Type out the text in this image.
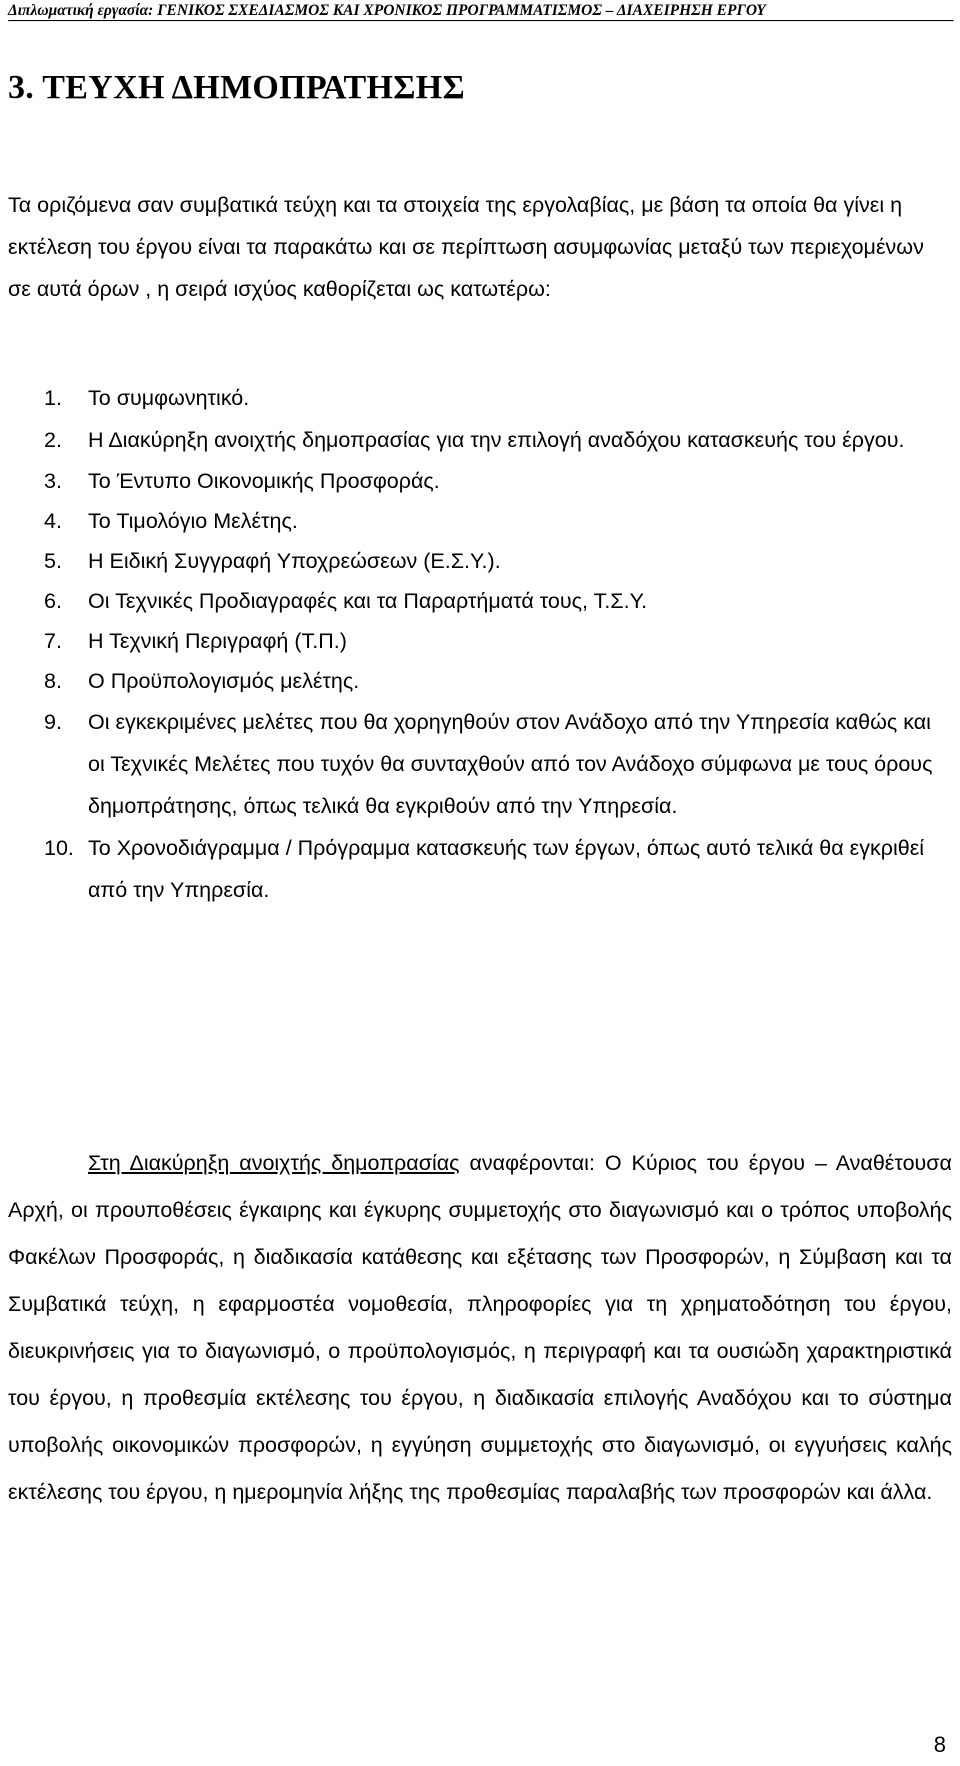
Διπλωματική εργασία: ΓΕΝΙΚΟΣ ΣΧΕΔΙΑΣΜΟΣ ΚΑΙ ΧΡΟΝΙΚΟΣ ΠΡΟΓΡΑΜΜΑΤΙΣΜΟΣ – ΔΙΑΧΕΙΡΗΣΗ ΕΡΓΟΥ
3. ΤΕΥΧΗ ΔΗΜΟΠΡΑΤΗΣΗΣ

Τα οριζόμενα σαν συμβατικά τεύχη και τα στοιχεία της εργολαβίας, με βάση τα οποία θα γίνει η εκτέλεση του έργου είναι τα παρακάτω και σε περίπτωση ασυμφωνίας μεταξύ των περιεχομένων σε αυτά όρων , η σειρά ισχύος καθορίζεται ως κατωτέρω:

1. Το συμφωνητικό.
2. Η Διακύρηξη ανοιχτής δημοπρασίας για την επιλογή αναδόχου κατασκευής του έργου.
3. Το Έντυπο Οικονομικής Προσφοράς.
4. Το Τιμολόγιο Μελέτης.
5. Η Ειδική Συγγραφή Υποχρεώσεων (Ε.Σ.Υ.).
6. Οι Τεχνικές Προδιαγραφές και τα Παραρτήματά τους, Τ.Σ.Υ.
7. Η Τεχνική Περιγραφή (Τ.Π.)
8. Ο Προϋπολογισμός μελέτης.
9. Οι εγκεκριμένες μελέτες που θα χορηγηθούν στον Ανάδοχο από την Υπηρεσία καθώς και οι Τεχνικές Μελέτες που τυχόν θα συνταχθούν από τον Ανάδοχο σύμφωνα με τους όρους δημοπράτησης, όπως τελικά θα εγκριθούν από την Υπηρεσία.
10. Το Χρονοδιάγραμμα / Πρόγραμμα κατασκευής των έργων, όπως αυτό τελικά θα εγκριθεί από την Υπηρεσία.

Στη Διακύρηξη ανοιχτής δημοπρασίας αναφέρονται: Ο Κύριος του έργου – Αναθέτουσα Αρχή, οι προυποθέσεις έγκαιρης και έγκυρης συμμετοχής στο διαγωνισμό και ο τρόπος υποβολής Φακέλων Προσφοράς, η διαδικασία κατάθεσης και εξέτασης των Προσφορών, η Σύμβαση και τα Συμβατικά τεύχη, η εφαρμοστέα νομοθεσία, πληροφορίες για τη χρηματοδότηση του έργου, διευκρινήσεις για το διαγωνισμό, ο προϋπολογισμός, η περιγραφή και τα ουσιώδη χαρακτηριστικά του έργου, η προθεσμία εκτέλεσης του έργου, η διαδικασία επιλογής Αναδόχου και το σύστημα υποβολής οικονομικών προσφορών, η εγγύηση συμμετοχής στο διαγωνισμό, οι εγγυήσεις καλής εκτέλεσης του έργου, η ημερομηνία λήξης της προθεσμίας παραλαβής των προσφορών και άλλα.

8
